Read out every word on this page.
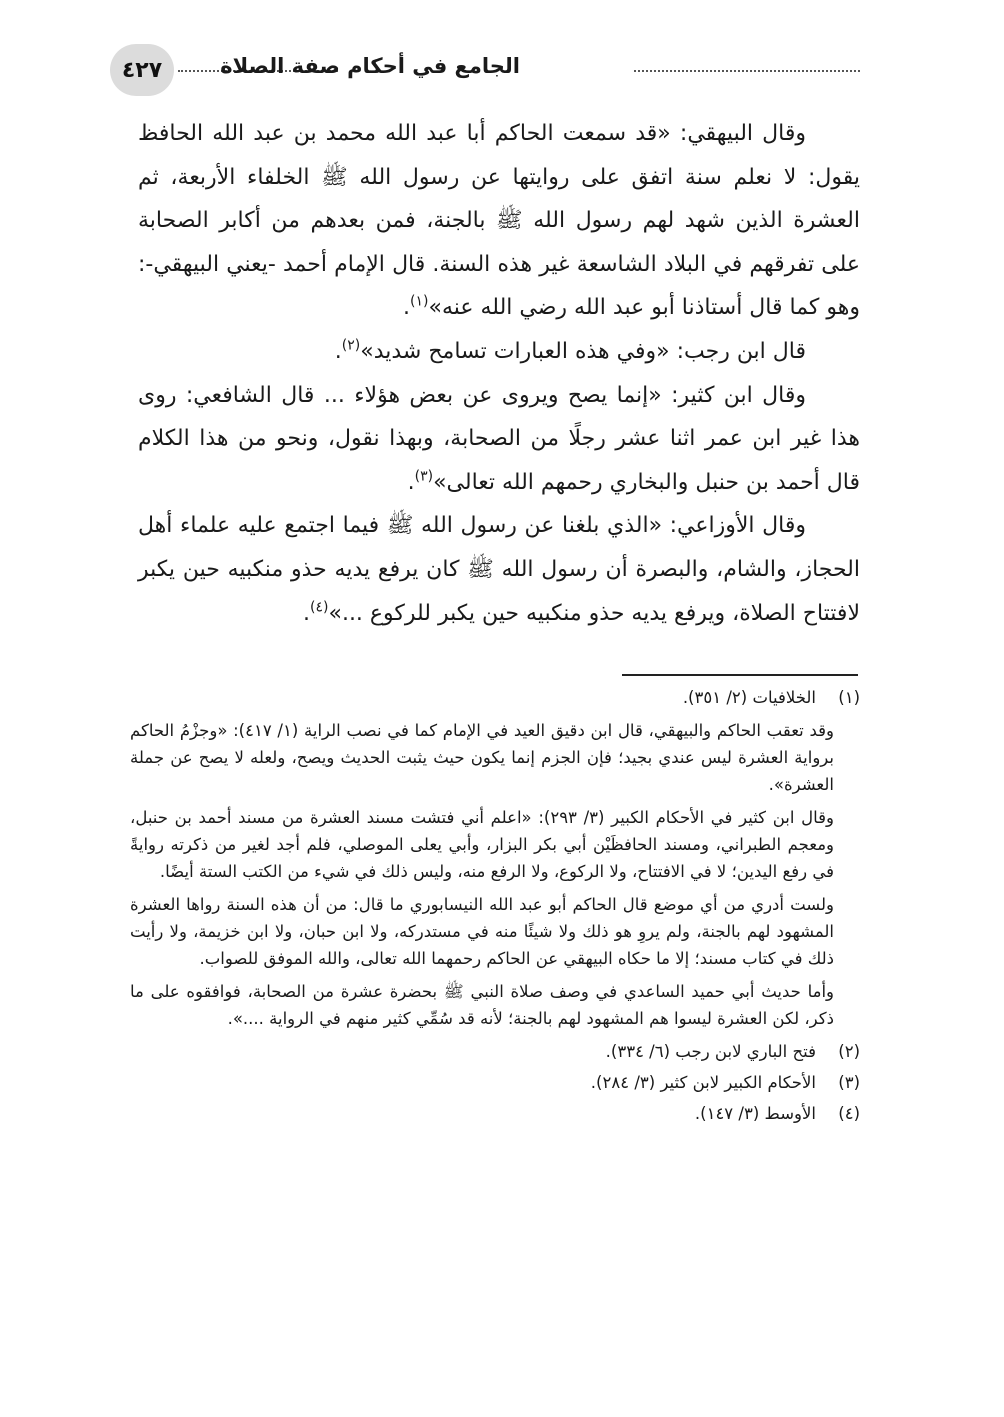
٤٢٧	الجامع في أحكام صفة الصلاة

وقال البيهقي: «قد سمعت الحاكم أبا عبد الله محمد بن عبد الله الحافظ يقول: لا نعلم سنة اتفق على روايتها عن رسول الله ﷺ الخلفاء الأربعة، ثم العشرة الذين شهد لهم رسول الله ﷺ بالجنة، فمن بعدهم من أكابر الصحابة على تفرقهم في البلاد الشاسعة غير هذه السنة. قال الإمام أحمد -يعني البيهقي-: وهو كما قال أستاذنا أبو عبد الله رضي الله عنه»$^{(١)}$.

قال ابن رجب: «وفي هذه العبارات تسامح شديد»$^{(٢)}$.

وقال ابن كثير: «إنما يصح ويروى عن بعض هؤلاء ... قال الشافعي: روى هذا غير ابن عمر اثنا عشر رجلًا من الصحابة، وبهذا نقول، ونحو من هذا الكلام قال أحمد بن حنبل والبخاري رحمهم الله تعالى»$^{(٣)}$.

وقال الأوزاعي: «الذي بلغنا عن رسول الله ﷺ فيما اجتمع عليه علماء أهل الحجاز، والشام، والبصرة أن رسول الله ﷺ كان يرفع يديه حذو منكبيه حين يكبر لافتتاح الصلاة، ويرفع يديه حذو منكبيه حين يكبر للركوع ...»$^{(٤)}$.

(١)

الخلافيات (٢/ ٣٥١).

وقد تعقب الحاكم والبيهقي، قال ابن دقيق العيد في الإمام كما في نصب الراية (١/ ٤١٧): «وجزْمُ الحاكم برواية العشرة ليس عندي بجيد؛ فإن الجزم إنما يكون حيث يثبت الحديث ويصح، ولعله لا يصح عن جملة العشرة».

وقال ابن كثير في الأحكام الكبير (٣/ ٢٩٣): «اعلم أني فتشت مسند العشرة من مسند أحمد بن حنبل، ومعجم الطبراني، ومسند الحافظَيْن أبي بكر البزار، وأبي يعلى الموصلي، فلم أجد لغير من ذكرته روايةً في رفع اليدين؛ لا في الافتتاح، ولا الركوع، ولا الرفع منه، وليس ذلك في شيء من الكتب الستة أيضًا.

ولست أدري من أي موضع قال الحاكم أبو عبد الله النيسابوري ما قال: من أن هذه السنة رواها العشرة المشهود لهم بالجنة، ولم يروِ هو ذلك ولا شيئًا منه في مستدركه، ولا ابن حبان، ولا ابن خزيمة، ولا رأيت ذلك في كتاب مسند؛ إلا ما حكاه البيهقي عن الحاكم رحمهما الله تعالى، والله الموفق للصواب.

وأما حديث أبي حميد الساعدي في وصف صلاة النبي ﷺ بحضرة عشرة من الصحابة، فوافقوه على ما ذكر، لكن العشرة ليسوا هم المشهود لهم بالجنة؛ لأنه قد سُمِّي كثير منهم في الرواية ....».

(٢)

فتح الباري لابن رجب (٦/ ٣٣٤).

(٣)

الأحكام الكبير لابن كثير (٣/ ٢٨٤).

(٤)

الأوسط (٣/ ١٤٧).
